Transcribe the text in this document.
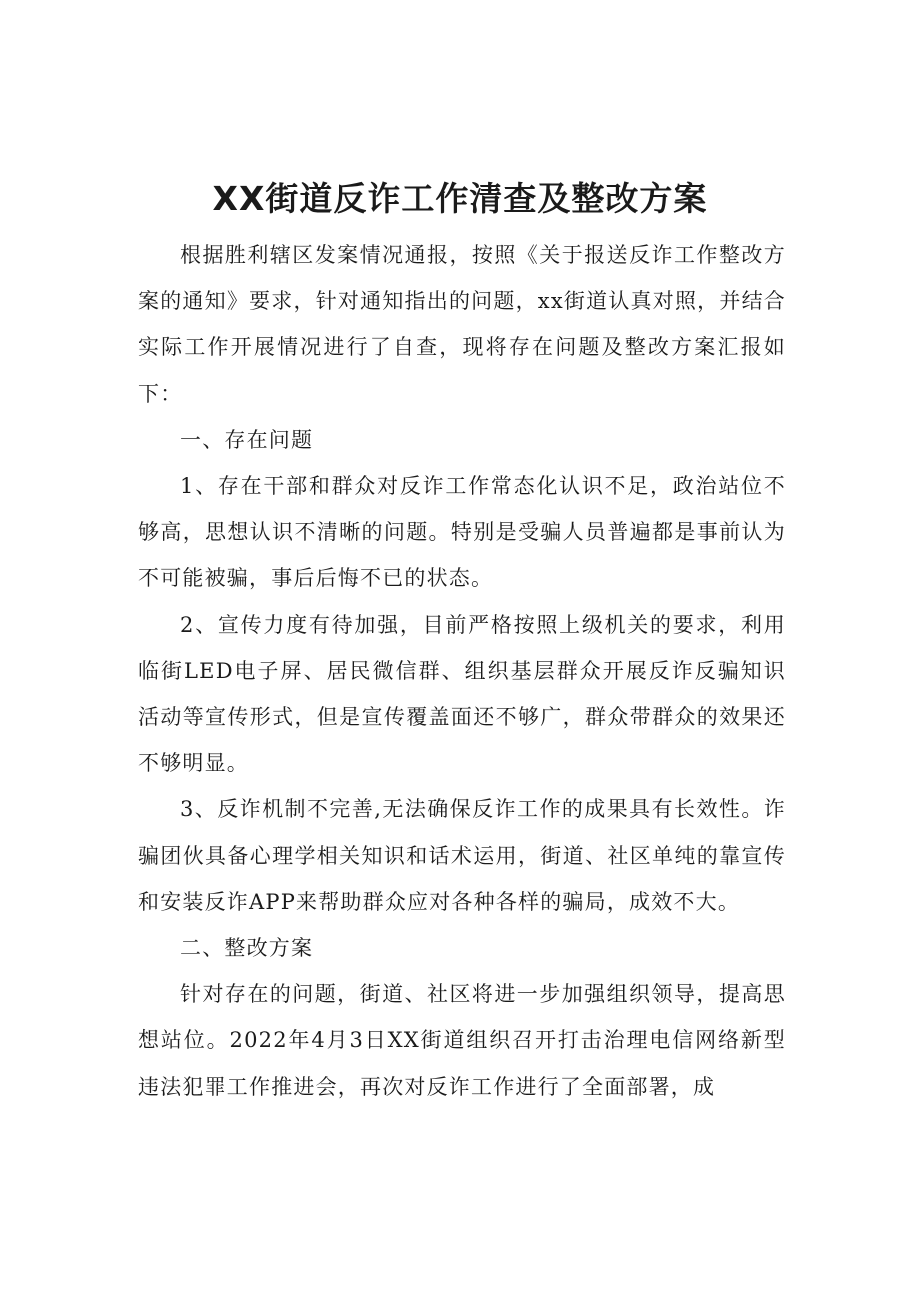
XX街道反诈工作清查及整改方案

根据胜利辖区发案情况通报，按照《关于报送反诈工作整改方案的通知》要求，针对通知指出的问题，xx街道认真对照，并结合实际工作开展情况进行了自查，现将存在问题及整改方案汇报如下：

一、存在问题

1、存在干部和群众对反诈工作常态化认识不足，政治站位不够高，思想认识不清晰的问题。特别是受骗人员普遍都是事前认为不可能被骗，事后后悔不已的状态。

2、宣传力度有待加强，目前严格按照上级机关的要求，利用临街LED电子屏、居民微信群、组织基层群众开展反诈反骗知识活动等宣传形式，但是宣传覆盖面还不够广，群众带群众的效果还不够明显。

3、反诈机制不完善,无法确保反诈工作的成果具有长效性。诈骗团伙具备心理学相关知识和话术运用，街道、社区单纯的靠宣传和安装反诈APP来帮助群众应对各种各样的骗局，成效不大。

二、整改方案

针对存在的问题，街道、社区将进一步加强组织领导，提高思想站位。2022年4月3日XX街道组织召开打击治理电信网络新型违法犯罪工作推进会，再次对反诈工作进行了全面部署，成
